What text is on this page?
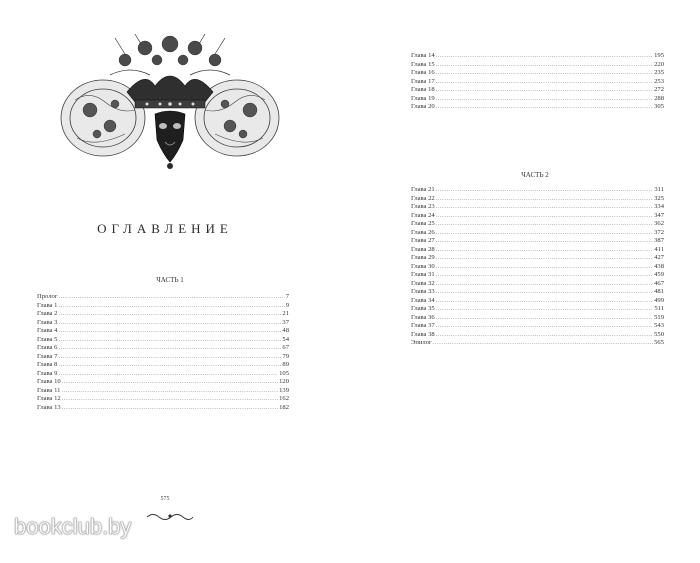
ОГЛАВЛЕНИЕ
ЧАСТЬ 1
Пролог .....	7
Глава 1 .....	9
Глава 2 .....	21
Глава 3 .....	37
Глава 4 .....	48
Глава 5 .....	54
Глава 6 .....	67
Глава 7 .....	79
Глава 8 .....	89
Глава 9 .....	105
Глава 10 .....	120
Глава 11 .....	139
Глава 12 .....	162
Глава 13 .....	182
575
Глава 14 .....	195
Глава 15 .....	220
Глава 16 .....	235
Глава 17 .....	253
Глава 18 .....	272
Глава 19 .....	288
Глава 20 .....	305
ЧАСТЬ 2
Глава 21 .....	311
Глава 22 .....	325
Глава 23 .....	334
Глава 24 .....	347
Глава 25 .....	362
Глава 26 .....	372
Глава 27 .....	387
Глава 28 .....	411
Глава 29 .....	427
Глава 30 .....	438
Глава 31 .....	459
Глава 32 .....	467
Глава 33 .....	481
Глава 34 .....	499
Глава 35 .....	511
Глава 36 .....	519
Глава 37 .....	543
Глава 38 .....	550
Эпилог .....	565
bookclub.by
